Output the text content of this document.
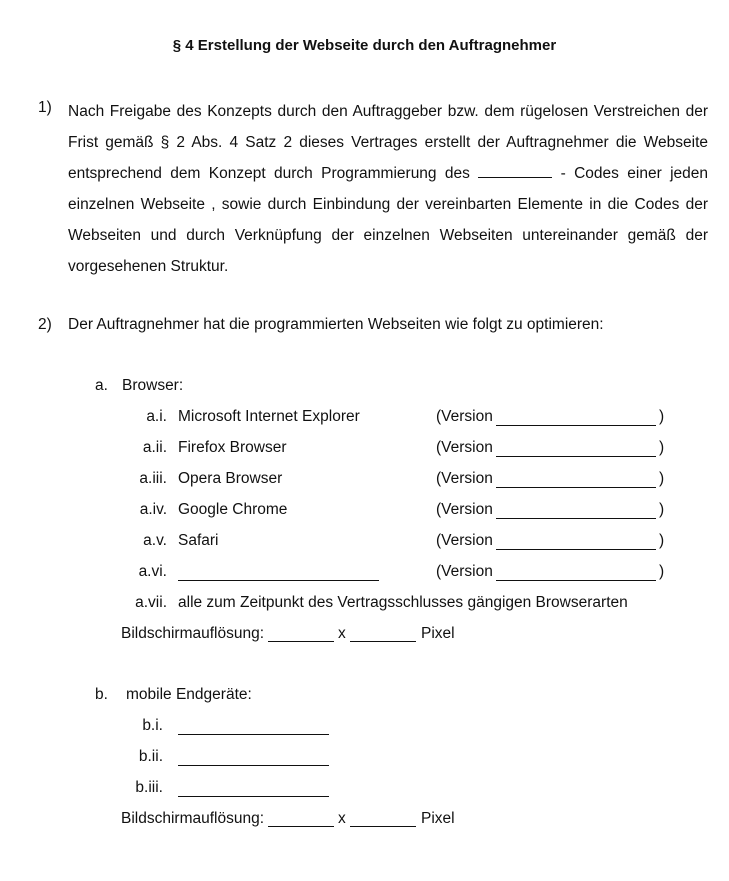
§ 4 Erstellung der Webseite durch den Auftragnehmer
1) Nach Freigabe des Konzepts durch den Auftraggeber bzw. dem rügelosen Verstreichen der Frist gemäß § 2 Abs. 4 Satz 2 dieses Vertrages erstellt der Auftragnehmer die Webseite entsprechend dem Konzept durch Programmierung des	- Codes einer jeden einzelnen Webseite , sowie durch Einbindung der vereinbarten Elemente in die Codes der Webseiten und durch Verknüpfung der einzelnen Webseiten untereinander gemäß der vorgesehenen Struktur.
2) Der Auftragnehmer hat die programmierten Webseiten wie folgt zu optimieren:
a. Browser:
a.i. Microsoft Internet Explorer	(Version	)
a.ii. Firefox Browser	(Version	)
a.iii. Opera Browser	(Version	)
a.iv. Google Chrome	(Version	)
a.v. Safari	(Version	)
a.vi.	(Version	)
a.vii. alle zum Zeitpunkt des Vertragsschlusses gängigen Browserarten
Bildschirmauflösung:	x	Pixel
b. mobile Endgeräte:
b.i.
b.ii.
b.iii.
Bildschirmauflösung:	x	Pixel
